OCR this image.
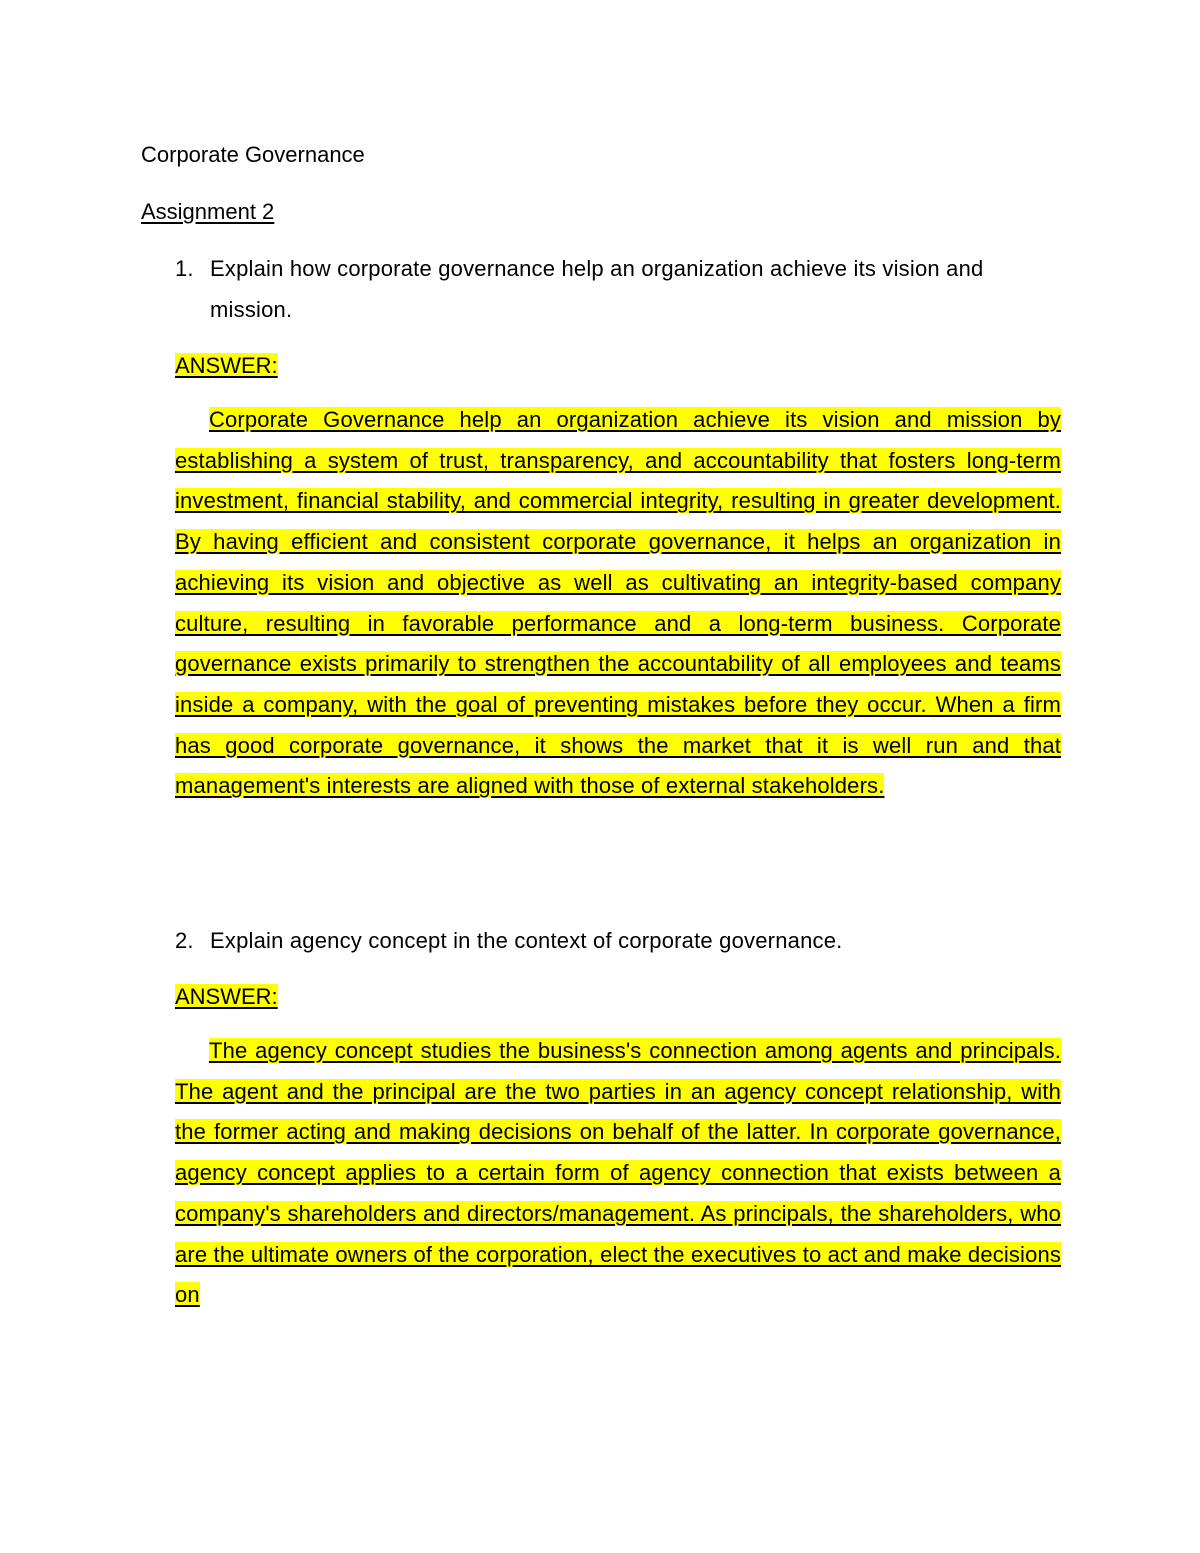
Corporate Governance
Assignment 2
1. Explain how corporate governance help an organization achieve its vision and mission.
ANSWER:

Corporate Governance help an organization achieve its vision and mission by establishing a system of trust, transparency, and accountability that fosters long-term investment, financial stability, and commercial integrity, resulting in greater development. By having efficient and consistent corporate governance, it helps an organization in achieving its vision and objective as well as cultivating an integrity-based company culture, resulting in favorable performance and a long-term business. Corporate governance exists primarily to strengthen the accountability of all employees and teams inside a company, with the goal of preventing mistakes before they occur. When a firm has good corporate governance, it shows the market that it is well run and that management's interests are aligned with those of external stakeholders.

2. Explain agency concept in the context of corporate governance.
ANSWER:

The agency concept studies the business's connection among agents and principals. The agent and the principal are the two parties in an agency concept relationship, with the former acting and making decisions on behalf of the latter. In corporate governance, agency concept applies to a certain form of agency connection that exists between a company's shareholders and directors/management. As principals, the shareholders, who are the ultimate owners of the corporation, elect the executives to act and make decisions on
